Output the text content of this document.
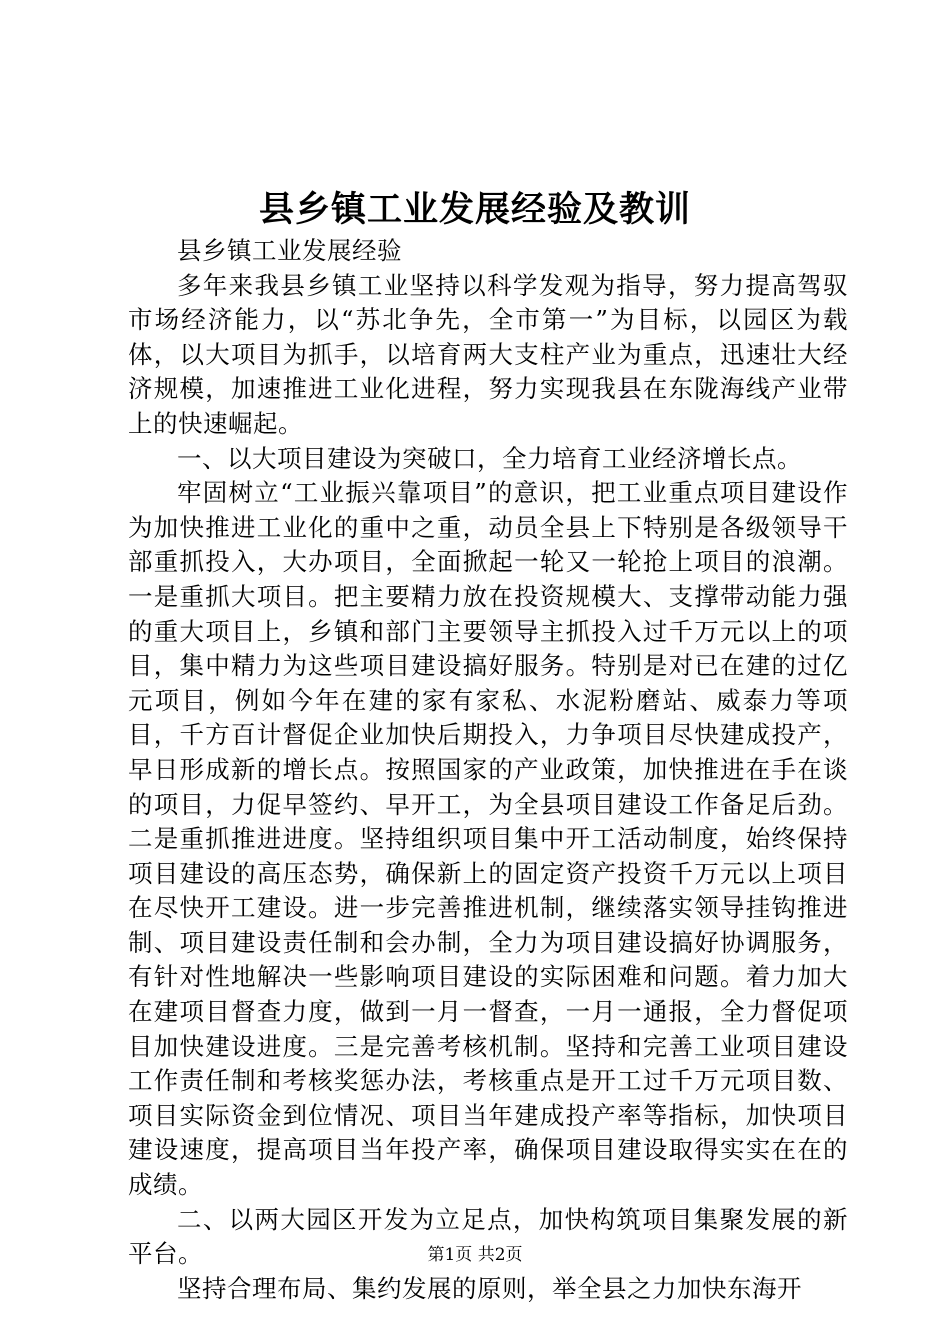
县乡镇工业发展经验及教训

县乡镇工业发展经验

多年来我县乡镇工业坚持以科学发观为指导，努力提高驾驭市场经济能力，以“苏北争先，全市第一”为目标，以园区为载体，以大项目为抓手，以培育两大支柱产业为重点，迅速壮大经济规模，加速推进工业化进程，努力实现我县在东陇海线产业带上的快速崛起。

一、以大项目建设为突破口，全力培育工业经济增长点。

牢固树立“工业振兴靠项目”的意识，把工业重点项目建设作为加快推进工业化的重中之重，动员全县上下特别是各级领导干部重抓投入，大办项目，全面掀起一轮又一轮抢上项目的浪潮。一是重抓大项目。把主要精力放在投资规模大、支撑带动能力强的重大项目上，乡镇和部门主要领导主抓投入过千万元以上的项目，集中精力为这些项目建设搞好服务。特别是对已在建的过亿元项目，例如今年在建的家有家私、水泥粉磨站、威泰力等项目，千方百计督促企业加快后期投入，力争项目尽快建成投产，早日形成新的增长点。按照国家的产业政策，加快推进在手在谈的项目，力促早签约、早开工，为全县项目建设工作备足后劲。二是重抓推进进度。坚持组织项目集中开工活动制度，始终保持项目建设的高压态势，确保新上的固定资产投资千万元以上项目在尽快开工建设。进一步完善推进机制，继续落实领导挂钩推进制、项目建设责任制和会办制，全力为项目建设搞好协调服务，有针对性地解决一些影响项目建设的实际困难和问题。着力加大在建项目督查力度，做到一月一督查，一月一通报，全力督促项目加快建设进度。三是完善考核机制。坚持和完善工业项目建设工作责任制和考核奖惩办法，考核重点是开工过千万元项目数、项目实际资金到位情况、项目当年建成投产率等指标，加快项目建设速度，提高项目当年投产率，确保项目建设取得实实在在的成绩。

二、以两大园区开发为立足点，加快构筑项目集聚发展的新平台。

坚持合理布局、集约发展的原则，举全县之力加快东海开

第1页 共2页
